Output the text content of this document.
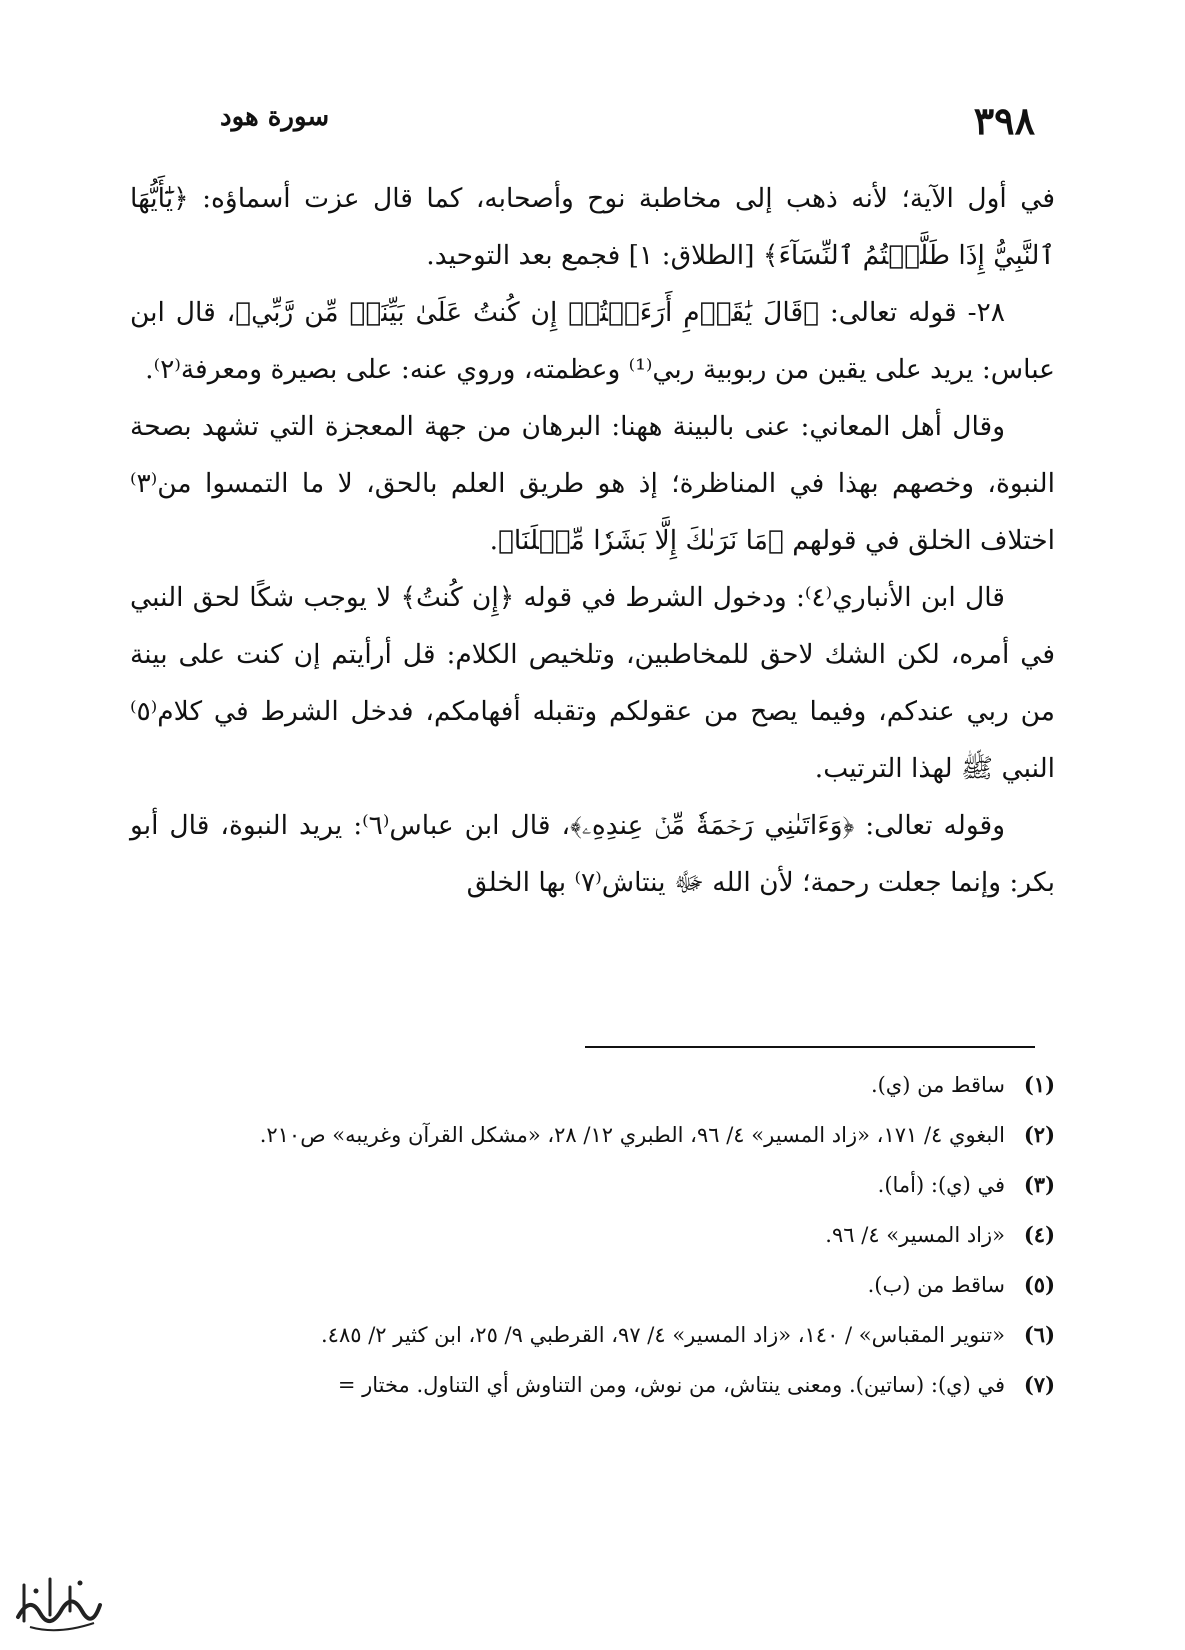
٣٩٨
سورة هود

في أول الآية؛ لأنه ذهب إلى مخاطبة نوح وأصحابه، كما قال عزت أسماؤه: ﴿يَٰٓأَيُّهَا ٱلنَّبِيُّ إِذَا طَلَّقۡتُمُ ٱلنِّسَآءَ﴾ [الطلاق: ١] فجمع بعد التوحيد.

٢٨- قوله تعالى: ﴿قَالَ يَٰقَوۡمِ أَرَءَيۡتُمۡ إِن كُنتُ عَلَىٰ بَيِّنَةٖ مِّن رَّبِّي﴾، قال ابن عباس: يريد على يقين من ربوبية ربي⁽¹⁾ وعظمته، وروي عنه: على بصيرة ومعرفة⁽٢⁾.

وقال أهل المعاني: عنى بالبينة ههنا: البرهان من جهة المعجزة التي تشهد بصحة النبوة، وخصهم بهذا في المناظرة؛ إذ هو طريق العلم بالحق، لا ما التمسوا من⁽٣⁾ اختلاف الخلق في قولهم ﴿مَا نَرَىٰكَ إِلَّا بَشَرٗا مِّثۡلَنَا﴾.

قال ابن الأنباري⁽٤⁾: ودخول الشرط في قوله ﴿إِن كُنتُ﴾ لا يوجب شكًا لحق النبي في أمره، لكن الشك لاحق للمخاطبين، وتلخيص الكلام: قل أرأيتم إن كنت على بينة من ربي عندكم، وفيما يصح من عقولكم وتقبله أفهامكم، فدخل الشرط في كلام⁽٥⁾ النبي ﷺ لهذا الترتيب.

وقوله تعالى: ﴿وَءَاتَىٰنِي رَحۡمَةٗ مِّنۡ عِندِهِۦ﴾، قال ابن عباس⁽٦⁾: يريد النبوة، قال أبو بكر: وإنما جعلت رحمة؛ لأن الله ﷻ ينتاش⁽٧⁾ بها الخلق

(١)
ساقط من (ي).
(٢)
البغوي ٤/ ١٧١، «زاد المسير» ٤/ ٩٦، الطبري ١٢/ ٢٨، «مشكل القرآن وغريبه» ص٢١٠.
(٣)
في (ي): (أما).
(٤)
«زاد المسير» ٤/ ٩٦.
(٥)
ساقط من (ب).
(٦)
«تنوير المقباس» / ١٤٠، «زاد المسير» ٤/ ٩٧، القرطبي ٩/ ٢٥، ابن كثير ٢/ ٤٨٥.
(٧)
في (ي): (ساتين). ومعنى ينتاش، من نوش، ومن التناوش أي التناول. مختار =
